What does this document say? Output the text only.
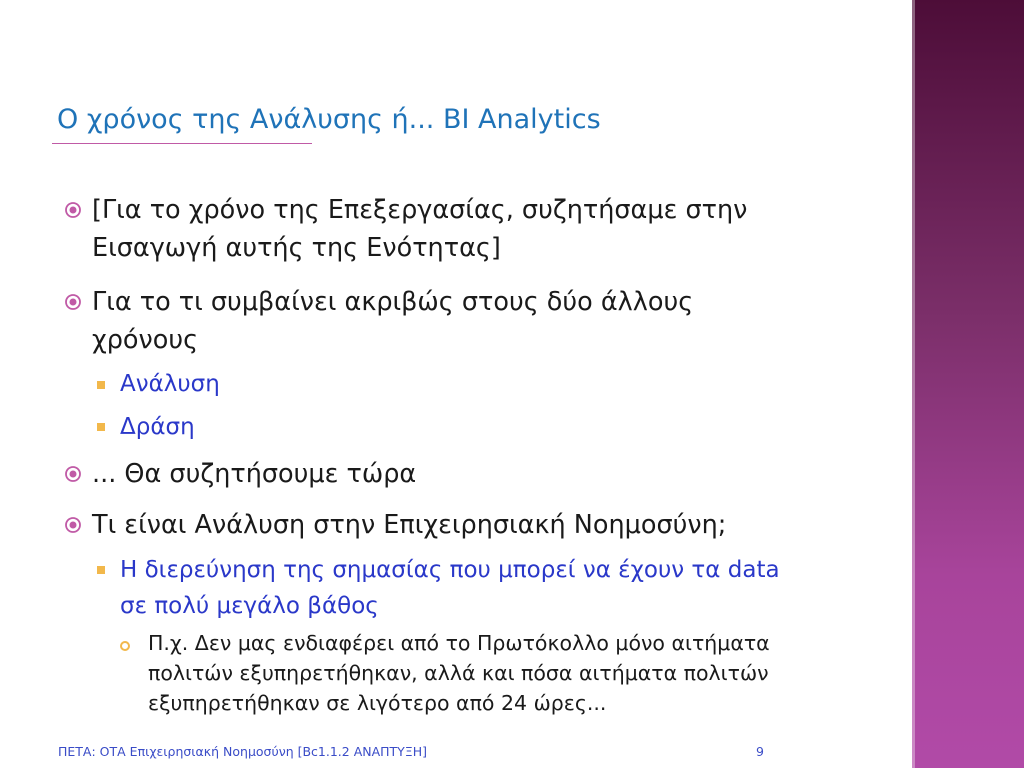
Ο χρόνος της Ανάλυσης ή... BI Analytics
[Για το χρόνο της Επεξεργασίας, συζητήσαμε στην
Εισαγωγή αυτής της Ενότητας]
Για το τι συμβαίνει ακριβώς στους δύο άλλους
χρόνους
Ανάλυση
Δράση
... Θα συζητήσουμε τώρα
Τι είναι Ανάλυση στην Επιχειρησιακή Νοημοσύνη;
Η διερεύνηση της σημασίας που μπορεί να έχουν τα data
σε πολύ μεγάλο βάθος
Π.χ. Δεν μας ενδιαφέρει από το Πρωτόκολλο μόνο αιτήματα
πολιτών εξυπηρετήθηκαν, αλλά και πόσα αιτήματα πολιτών
εξυπηρετήθηκαν σε λιγότερο από 24 ώρες...
ΠΕΤΑ: ΟΤΑ Επιχειρησιακή Νοημοσύνη [Bc1.1.2 ΑΝΑΠΤΥΞΗ]	9
